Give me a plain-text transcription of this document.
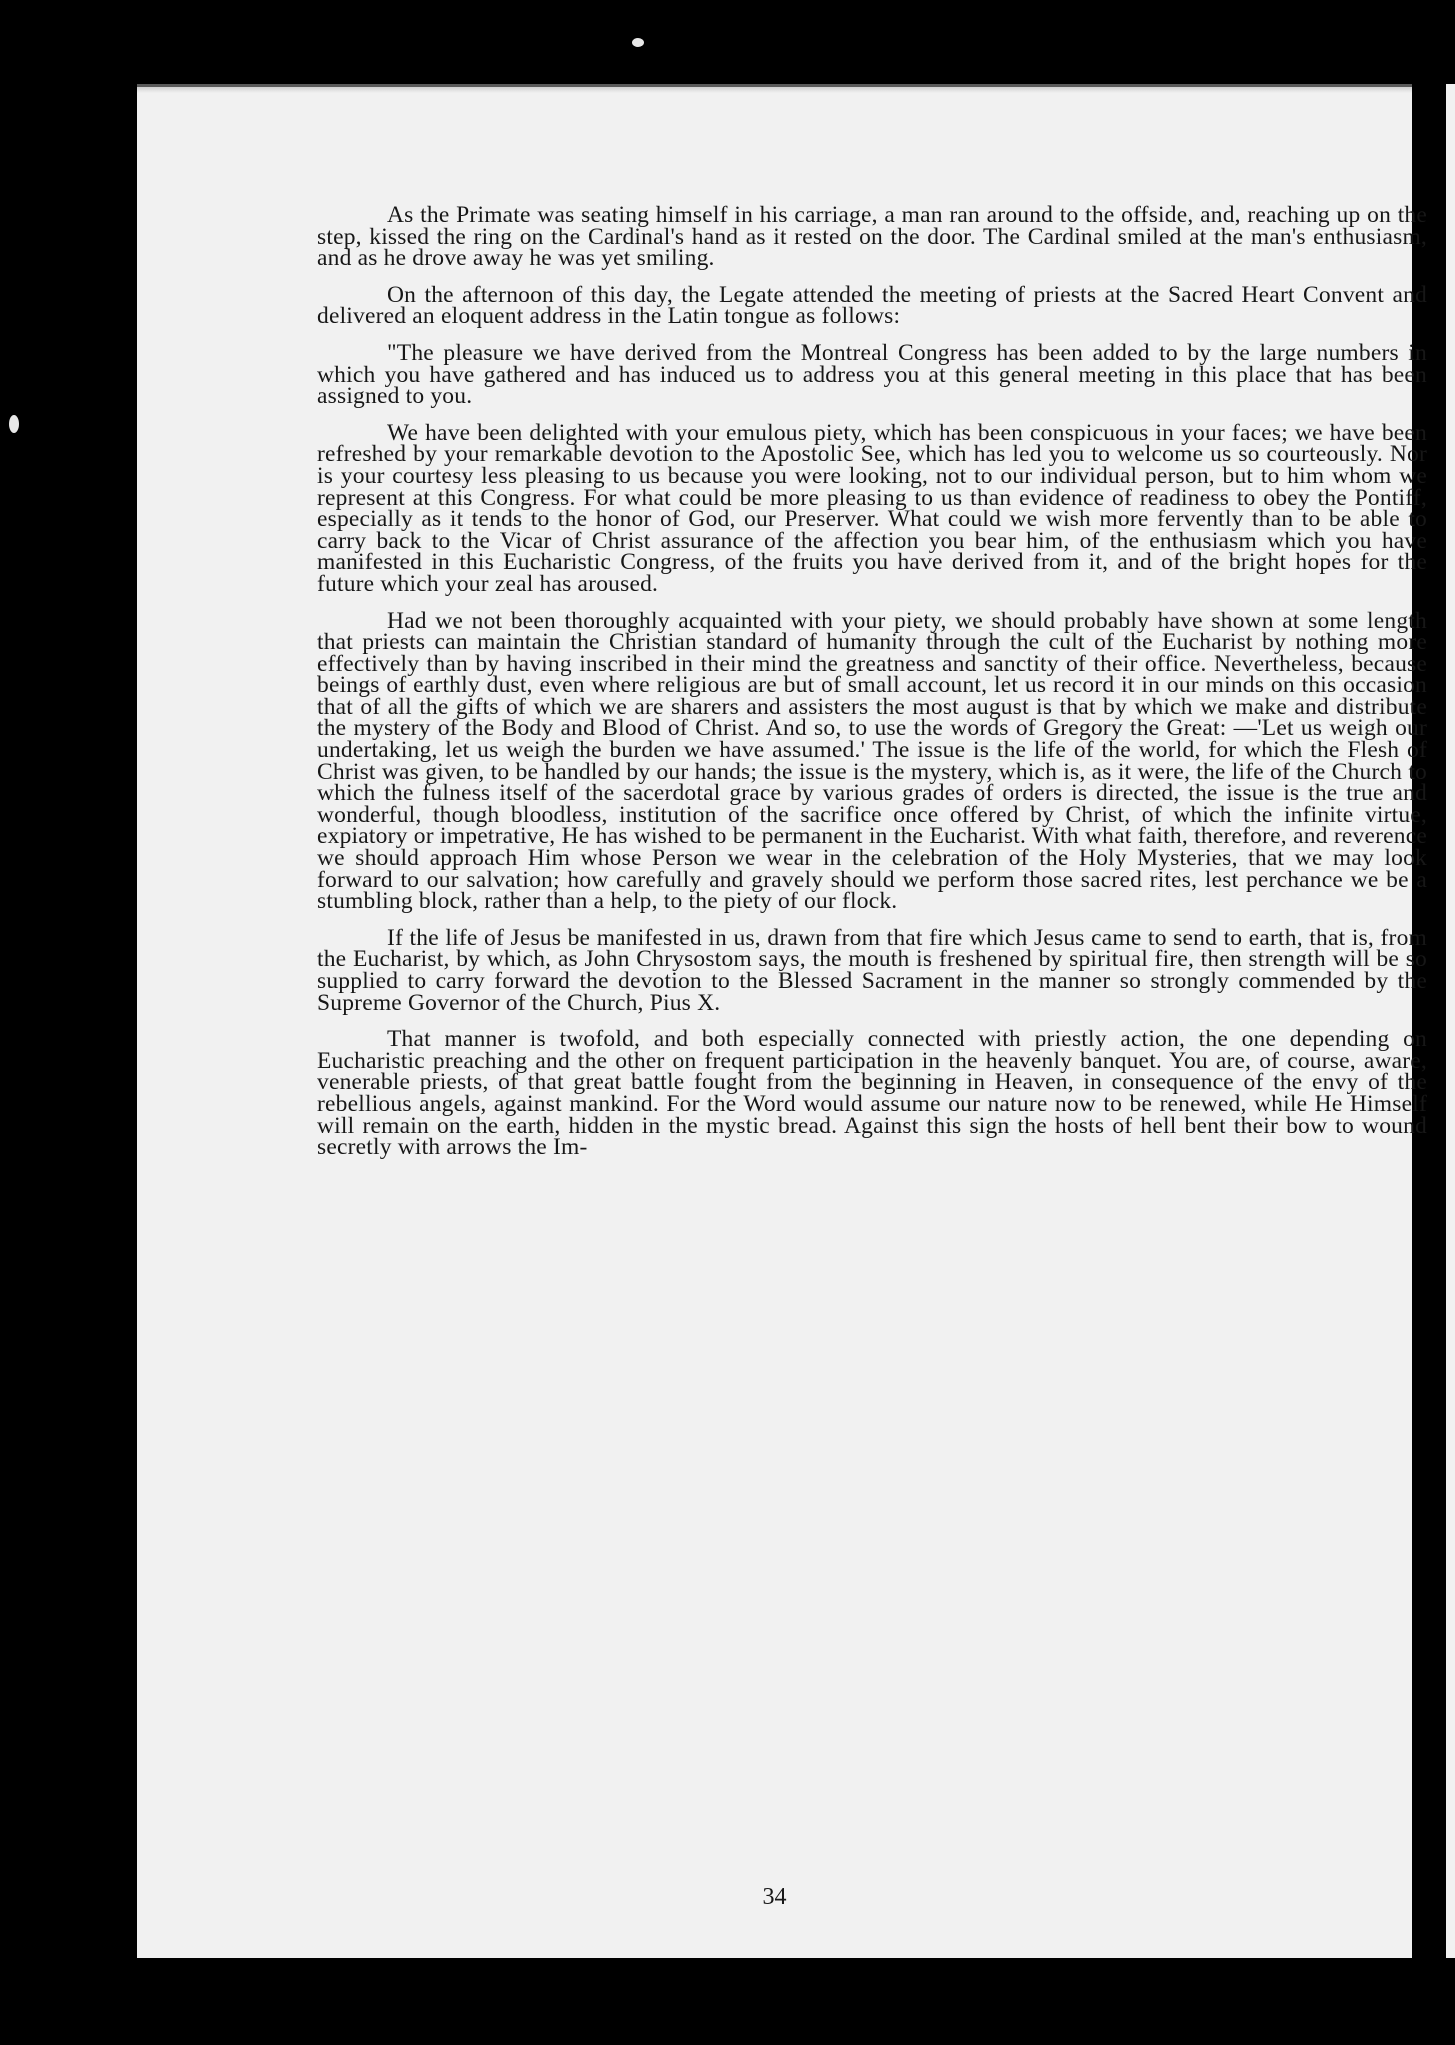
As the Primate was seating himself in his carriage, a man ran around to the offside, and, reaching up on the step, kissed the ring on the Cardinal's hand as it rested on the door. The Cardinal smiled at the man's enthusiasm, and as he drove away he was yet smiling.

On the afternoon of this day, the Legate attended the meeting of priests at the Sacred Heart Convent and delivered an eloquent address in the Latin tongue as follows:

"The pleasure we have derived from the Montreal Congress has been added to by the large numbers in which you have gathered and has induced us to address you at this general meeting in this place that has been assigned to you.

We have been delighted with your emulous piety, which has been conspicuous in your faces; we have been refreshed by your remarkable devotion to the Apostolic See, which has led you to welcome us so courteously. Nor is your courtesy less pleasing to us because you were looking, not to our individual person, but to him whom we represent at this Congress. For what could be more pleasing to us than evidence of readiness to obey the Pontiff, especially as it tends to the honor of God, our Preserver. What could we wish more fervently than to be able to carry back to the Vicar of Christ assurance of the affection you bear him, of the enthusiasm which you have manifested in this Eucharistic Congress, of the fruits you have derived from it, and of the bright hopes for the future which your zeal has aroused.

Had we not been thoroughly acquainted with your piety, we should probably have shown at some length that priests can maintain the Christian standard of humanity through the cult of the Eucharist by nothing more effectively than by having inscribed in their mind the greatness and sanctity of their office. Nevertheless, because beings of earthly dust, even where religious are but of small account, let us record it in our minds on this occasion that of all the gifts of which we are sharers and assisters the most august is that by which we make and distribute the mystery of the Body and Blood of Christ. And so, to use the words of Gregory the Great: —'Let us weigh our undertaking, let us weigh the burden we have assumed.' The issue is the life of the world, for which the Flesh of Christ was given, to be handled by our hands; the issue is the mystery, which is, as it were, the life of the Church to which the fulness itself of the sacerdotal grace by various grades of orders is directed, the issue is the true and wonderful, though bloodless, institution of the sacrifice once offered by Christ, of which the infinite virtue, expiatory or impetrative, He has wished to be permanent in the Eucharist. With what faith, therefore, and reverence we should approach Him whose Person we wear in the celebration of the Holy Mysteries, that we may look forward to our salvation; how carefully and gravely should we perform those sacred rites, lest perchance we be a stumbling block, rather than a help, to the piety of our flock.

If the life of Jesus be manifested in us, drawn from that fire which Jesus came to send to earth, that is, from the Eucharist, by which, as John Chrysostom says, the mouth is freshened by spiritual fire, then strength will be so supplied to carry forward the devotion to the Blessed Sacrament in the manner so strongly commended by the Supreme Governor of the Church, Pius X.

That manner is twofold, and both especially connected with priestly action, the one depending on Eucharistic preaching and the other on frequent participation in the heavenly banquet. You are, of course, aware, venerable priests, of that great battle fought from the beginning in Heaven, in consequence of the envy of the rebellious angels, against mankind. For the Word would assume our nature now to be renewed, while He Himself will remain on the earth, hidden in the mystic bread. Against this sign the hosts of hell bent their bow to wound secretly with arrows the Im-

34
